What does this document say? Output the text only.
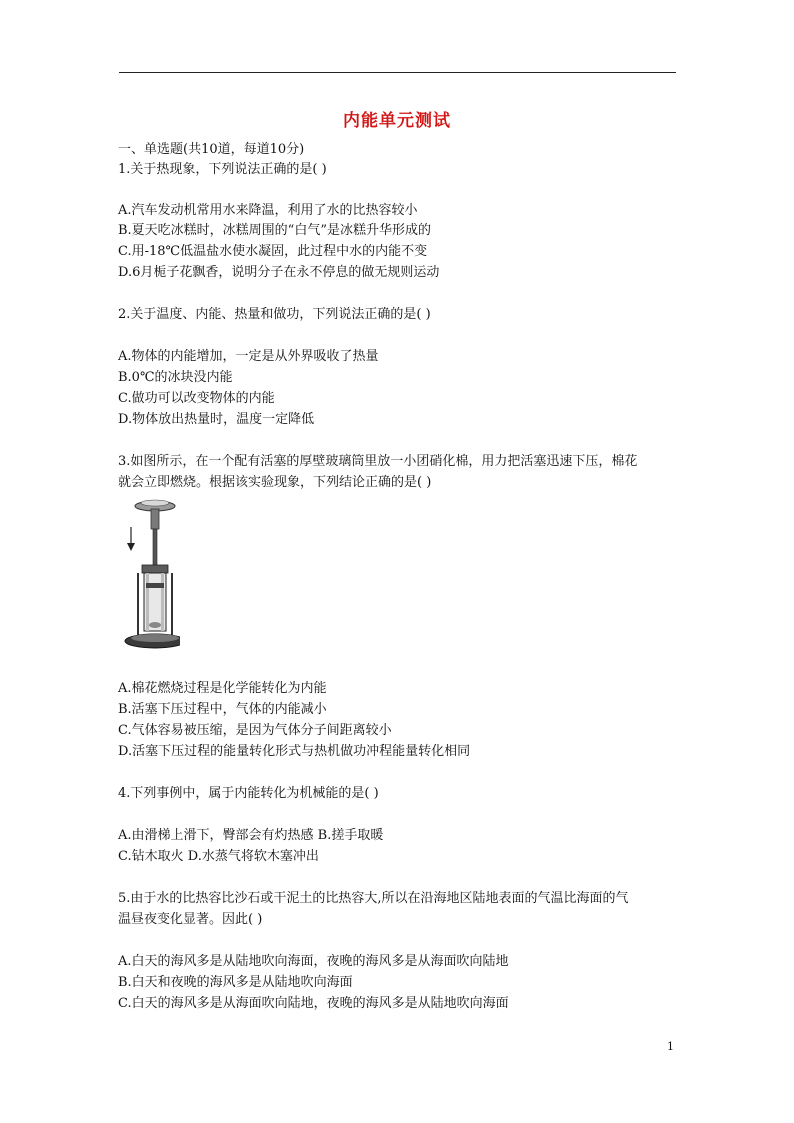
内能单元测试
一、单选题(共10道，每道10分)
1.关于热现象，下列说法正确的是( )
A.汽车发动机常用水来降温，利用了水的比热容较小
B.夏天吃冰糕时，冰糕周围的“白气”是冰糕升华形成的
C.用-18℃低温盐水使水凝固，此过程中水的内能不变
D.6月栀子花飘香，说明分子在永不停息的做无规则运动
2.关于温度、内能、热量和做功，下列说法正确的是( )
A.物体的内能增加，一定是从外界吸收了热量
B.0℃的冰块没内能
C.做功可以改变物体的内能
D.物体放出热量时，温度一定降低
3.如图所示，在一个配有活塞的厚壁玻璃筒里放一小团硝化棉，用力把活塞迅速下压，棉花
就会立即燃烧。根据该实验现象，下列结论正确的是( )
A.棉花燃烧过程是化学能转化为内能
B.活塞下压过程中，气体的内能减小
C.气体容易被压缩，是因为气体分子间距离较小
D.活塞下压过程的能量转化形式与热机做功冲程能量转化相同
4.下列事例中，属于内能转化为机械能的是( )
A.由滑梯上滑下，臀部会有灼热感 B.搓手取暖
C.钻木取火 D.水蒸气将软木塞冲出
5.由于水的比热容比沙石或干泥土的比热容大,所以在沿海地区陆地表面的气温比海面的气
温昼夜变化显著。因此( )
A.白天的海风多是从陆地吹向海面，夜晚的海风多是从海面吹向陆地
B.白天和夜晚的海风多是从陆地吹向海面
C.白天的海风多是从海面吹向陆地，夜晚的海风多是从陆地吹向海面
1
